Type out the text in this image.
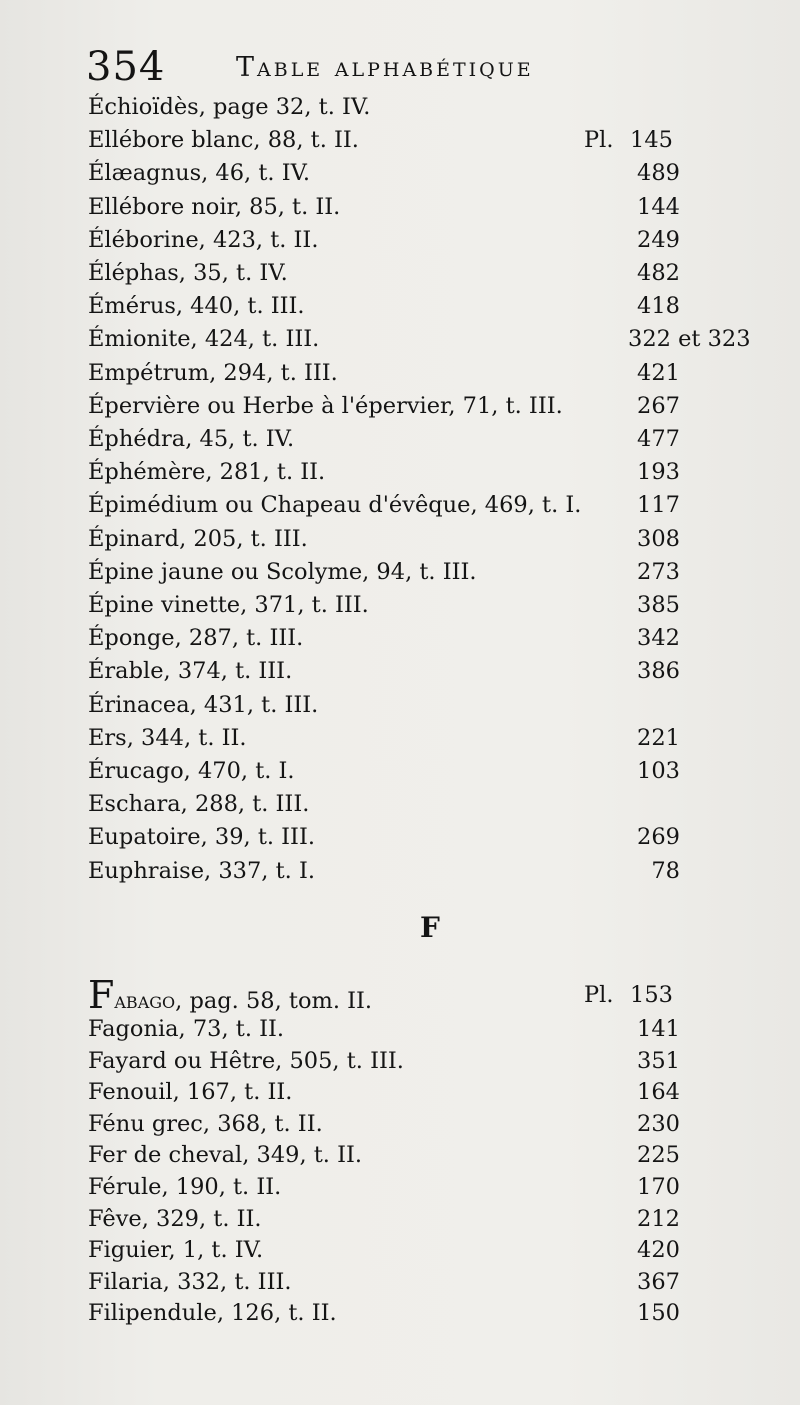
354	Table alphabétique
Échioïdès, page 32, t. IV.
Ellébore blanc, 88, t. II.	Pl. 145
Élæagnus, 46, t. IV.	489
Ellébore noir, 85, t. II.	144
Éléborine, 423, t. II.	249
Éléphas, 35, t. IV.	482
Émérus, 440, t. III.	418
Émionite, 424, t. III.	322 et 323
Empétrum, 294, t. III.	421
Épervière ou Herbe à l'épervier, 71, t. III.	267
Éphédra, 45, t. IV.	477
Éphémère, 281, t. II.	193
Épimédium ou Chapeau d'évêque, 469, t. I.	117
Épinard, 205, t. III.	308
Épine jaune ou Scolyme, 94, t. III.	273
Épine vinette, 371, t. III.	385
Éponge, 287, t. III.	342
Érable, 374, t. III.	386
Érinacea, 431, t. III.
Ers, 344, t. II.	221
Érucago, 470, t. I.	103
Eschara, 288, t. III.
Eupatoire, 39, t. III.	269
Euphraise, 337, t. I.	78
F
Fabago, pag. 58, tom. II.	Pl. 153
Fagonia, 73, t. II.	141
Fayard ou Hêtre, 505, t. III.	351
Fenouil, 167, t. II.	164
Fénu grec, 368, t. II.	230
Fer de cheval, 349, t. II.	225
Férule, 190, t. II.	170
Fêve, 329, t. II.	212
Figuier, 1, t. IV.	420
Filaria, 332, t. III.	367
Filipendule, 126, t. II.	150
